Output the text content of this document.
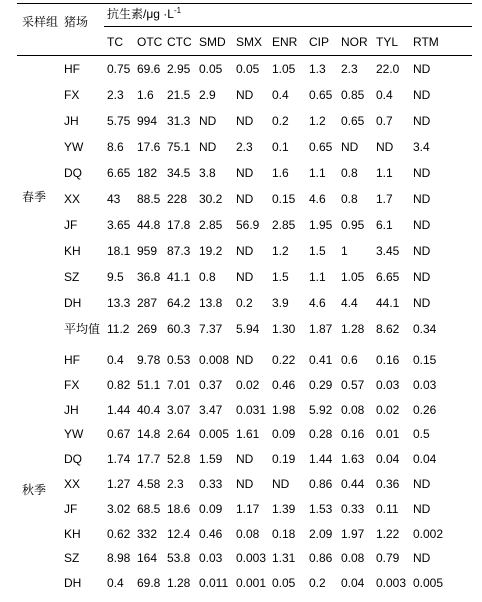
采样组 猪场
抗生素$/\mu g \cdot L^{-1}$
TC OTC CTC SMD SMX ENR CIP NOR TYL RTM
春季
秋季
HF 0.75 69.6 2.95 0.05 0.05 1.05 1.3 2.3 22.0 ND
FX 2.3 1.6 21.5 2.9 ND 0.4 0.65 0.85 0.4 ND
JH 5.75 994 31.3 ND ND 0.2 1.2 0.65 0.7 ND
YW 8.6 17.6 75.1 ND 2.3 0.1 0.65 ND ND 3.4
DQ 6.65 182 34.5 3.8 ND 1.6 1.1 0.8 1.1 ND
XX 43 88.5 228 30.2 ND 0.15 4.6 0.8 1.7 ND
JF 3.65 44.8 17.8 2.85 56.9 2.85 1.95 0.95 6.1 ND
KH 18.1 959 87.3 19.2 ND 1.2 1.5 1 3.45 ND
SZ 9.5 36.8 41.1 0.8 ND 1.5 1.1 1.05 6.65 ND
DH 13.3 287 64.2 13.8 0.2 3.9 4.6 4.4 44.1 ND
平均值 11.2 269 60.3 7.37 5.94 1.30 1.87 1.28 8.62 0.34
HF 0.4 9.78 0.53 0.008 ND 0.22 0.41 0.6 0.16 0.15
FX 0.82 51.1 7.01 0.37 0.02 0.46 0.29 0.57 0.03 0.03
JH 1.44 40.4 3.07 3.47 0.031 1.98 5.92 0.08 0.02 0.26
YW 0.67 14.8 2.64 0.005 1.61 0.09 0.28 0.16 0.01 0.5
DQ 1.74 17.7 52.8 1.59 ND 0.19 1.44 1.63 0.04 0.04
XX 1.27 4.58 2.3 0.33 ND ND 0.86 0.44 0.36 ND
JF 3.02 68.5 18.6 0.09 1.17 1.39 1.53 0.33 0.11 ND
KH 0.62 332 12.4 0.46 0.08 0.18 2.09 1.97 1.22 0.002
SZ 8.98 164 53.8 0.03 0.003 1.31 0.86 0.08 0.79 ND
DH 0.4 69.8 1.28 0.011 0.001 0.05 0.2 0.04 0.003 0.005
